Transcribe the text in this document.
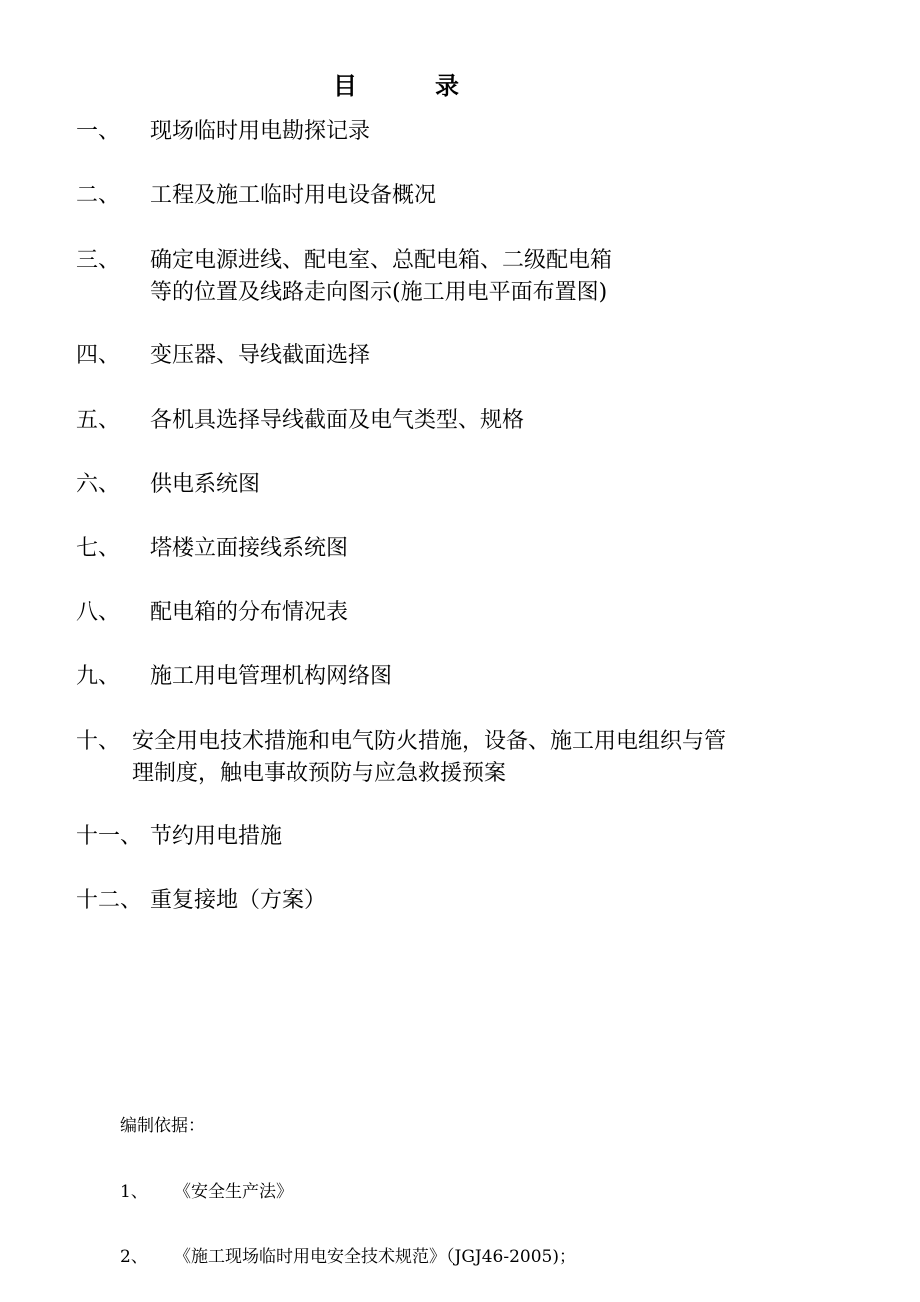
目	录
一、 现场临时用电勘探记录
二、 工程及施工临时用电设备概况
三、 确定电源进线、配电室、总配电箱、二级配电箱
等的位置及线路走向图示(施工用电平面布置图)
四、 变压器、导线截面选择
五、 各机具选择导线截面及电气类型、规格
六、 供电系统图
七、 塔楼立面接线系统图
八、 配电箱的分布情况表
九、 施工用电管理机构网络图
十、 安全用电技术措施和电气防火措施，设备、施工用电组织与管
理制度，触电事故预防与应急救援预案
十一、 节约用电措施
十二、 重复接地（方案）
编制依据：
1、 《安全生产法》
2、 《施工现场临时用电安全技术规范》（JGJ46-2005)；
